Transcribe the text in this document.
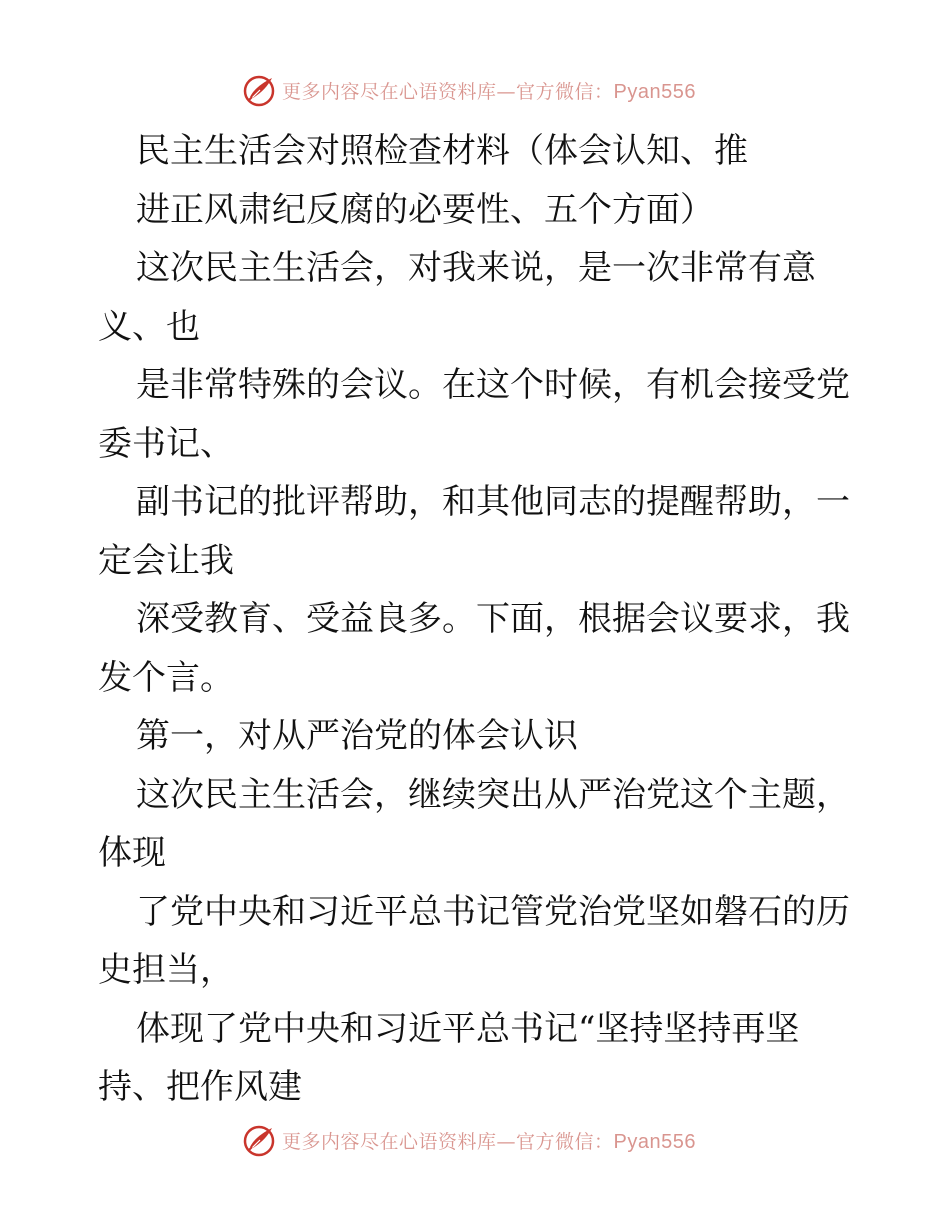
更多内容尽在心语资料库—官方微信：Pyan556
民主生活会对照检查材料（体会认知、推
进正风肃纪反腐的必要性、五个方面）
这次民主生活会，对我来说，是一次非常有意
义、也
是非常特殊的会议。在这个时候，有机会接受党
委书记、
副书记的批评帮助，和其他同志的提醒帮助，一
定会让我
深受教育、受益良多。下面，根据会议要求，我
发个言。
第一，对从严治党的体会认识
这次民主生活会，继续突出从严治党这个主题，
体现
了党中央和习近平总书记管党治党坚如磐石的历
史担当，
体现了党中央和习近平总书记“坚持坚持再坚
持、把作风建
更多内容尽在心语资料库—官方微信：Pyan556
